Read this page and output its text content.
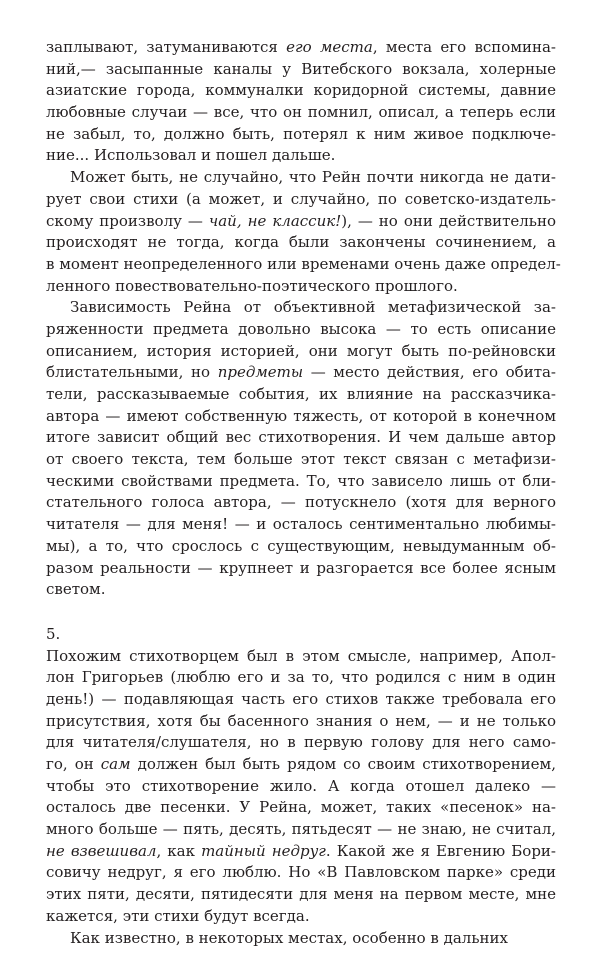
заплывают, затуманиваются его места, места его вспомина-
ний,— засыпанные каналы у Витебского вокзала, холерные
азиатские города, коммуналки коридорной системы, давние
любовные случаи — все, что он помнил, описал, а теперь если
не забыл, то, должно быть, потерял к ним живое подключе-
ние... Использовал и пошел дальше.
Может быть, не случайно, что Рейн почти никогда не дати-
рует свои стихи (а может, и случайно, по советско-издатель-
скому произволу — чай, не классик!), — но они действительно
происходят не тогда, когда были закончены сочинением, а
в момент неопределенного или временами очень даже определ-
ленного повествовательно-поэтического прошлого.
Зависимость Рейна от объективной метафизической за-
ряженности предмета довольно высока — то есть описание
описанием, история историей, они могут быть по-рейновски
блистательными, но предметы — место действия, его обита-
тели, рассказываемые события, их влияние на рассказчика-
автора — имеют собственную тяжесть, от которой в конечном
итоге зависит общий вес стихотворения. И чем дальше автор
от своего текста, тем больше этот текст связан с метафизи-
ческими свойствами предмета. То, что зависело лишь от бли-
стательного голоса автора, — потускнело (хотя для верного
читателя — для меня! — и осталось сентиментально любимы-
мы), а то, что срослось с существующим, невыдуманным об-
разом реальности — крупнеет и разгорается все более ясным
светом.
5.
Похожим стихотворцем был в этом смысле, например, Апол-
лон Григорьев (люблю его и за то, что родился с ним в один
день!) — подавляющая часть его стихов также требовала его
присутствия, хотя бы басенного знания о нем, — и не только
для читателя/слушателя, но в первую голову для него само-
го, он сам должен был быть рядом со своим стихотворением,
чтобы это стихотворение жило. А когда отошел далеко —
осталось две песенки. У Рейна, может, таких «песенок» на-
много больше — пять, десять, пятьдесят — не знаю, не считал,
не взвешивал, как тайный недруг. Какой же я Евгению Бори-
совичу недруг, я его люблю. Но «В Павловском парке» среди
этих пяти, десяти, пятидесяти для меня на первом месте, мне
кажется, эти стихи будут всегда.
Как известно, в некоторых местах, особенно в дальних
